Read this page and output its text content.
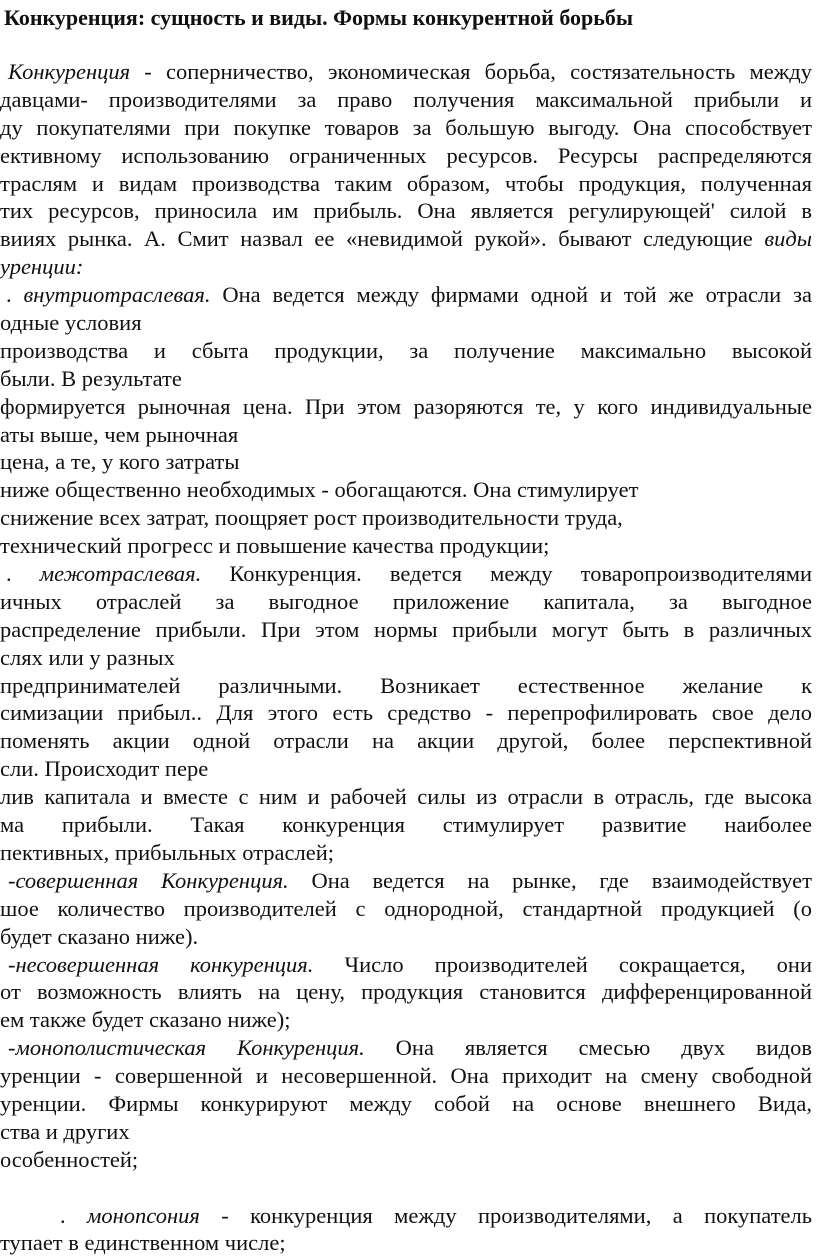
Конкуренция: сущность и виды. Формы конкурентной борьбы
Конкуренция - соперничество, экономическая борьба, состязательность между
давцами- производителями за право получения максимальной прибыли и
ду покупателями при покупке товаров за большую выгоду. Она способствует
ективному использованию ограниченных ресурсов. Ресурсы распределяются
траслям и видам производства таким образом, чтобы продукция, полученная
тих ресурсов, приносила им прибыль. Она является регулирующей' силой в
вииях рынка. А. Смит назвал ее «невидимой рукой». бывают следующие виды
уренции:
. внутриотраслевая. Она ведется между фирмами одной и той же отрасли за
одные условия
производства и сбыта продукции, за получение максимально высокой
были. В результате
формируется рыночная цена. При этом разоряются те, у кого индивидуальные
аты выше, чем рыночная
цена, а те, у кого затраты
ниже общественно необходимых - обогащаются. Она стимулирует
снижение всех затрат, поощряет рост производительности труда,
технический прогресс и повышение качества продукции;
. межотраслевая. Конкуренция. ведется между товаропроизводителями
ичных отраслей за выгодное приложение капитала, за выгодное
распределение прибыли. При этом нормы прибыли могут быть в различных
слях или у разных
предпринимателей различными. Возникает естественное желание к
симизации прибыл.. Для этого есть средство - перепрофилировать свое дело
поменять акции одной отрасли на акции другой, более перспективной
сли. Происходит пере
лив капитала и вместе с ним и рабочей силы из отрасли в отрасль, где высока
ма прибыли. Такая конкуренция стимулирует развитие наиболее
пективных, прибыльных отраслей;
-совершенная Конкуренция. Она ведется на рынке, где взаимодействует
шое количество производителей с однородной, стандартной продукцией (о
будет сказано ниже).
-несовершенная конкуренция. Число производителей сокращается, они
от возможность влиять на цену, продукция становится дифференцированной
ем также будет сказано ниже);
-монополистическая Конкуренция. Она является смесью двух видов
уренции - совершенной и несовершенной. Она приходит на смену свободной
уренции. Фирмы конкурируют между собой на основе внешнего Вида,
ства и других
особенностей;
. монопсония - конкуренция между производителями, а покупатель
тупает в единственном числе;
